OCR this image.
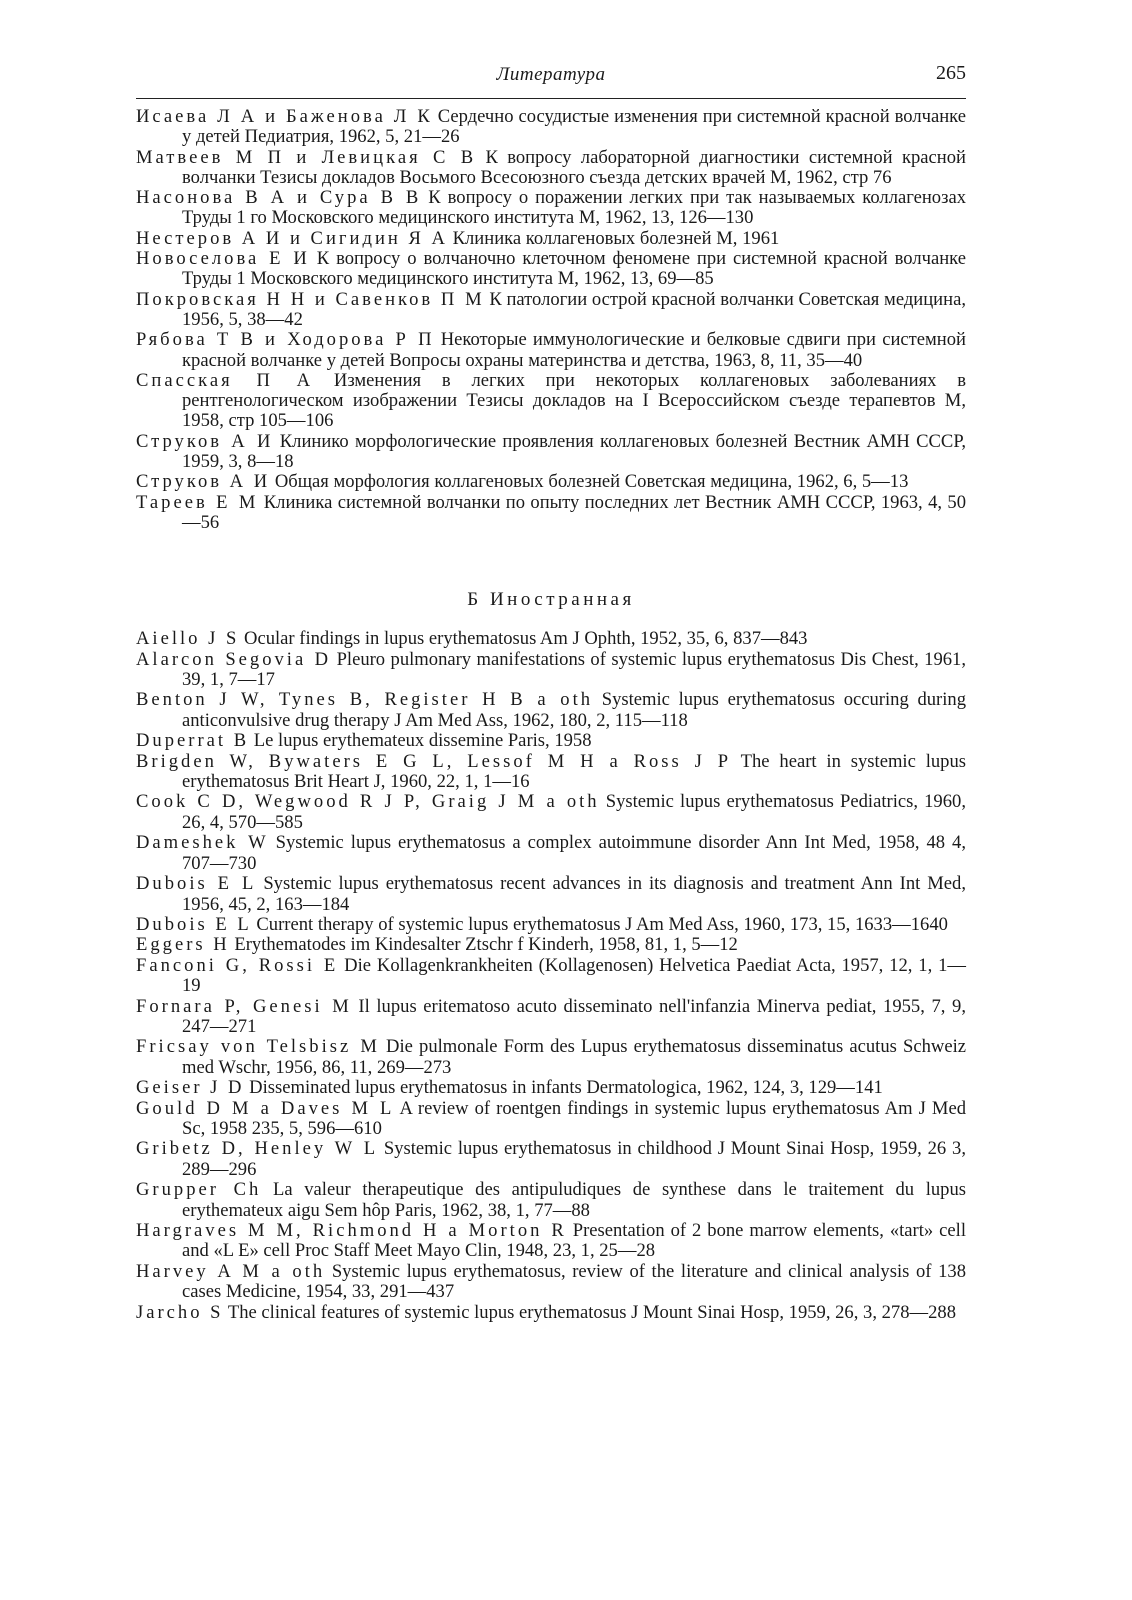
Литература	265

Исаева Л А и Баженова Л К Сердечно сосудистые изменения при системной красной волчанке у детей Педиатрия, 1962, 5, 21—26

Матвеев М П и Левицкая С В К вопросу лабораторной диагностики системной красной волчанки Тезисы докладов Восьмого Всесоюзного съезда детских врачей М, 1962, стр 76

Насонова В А и Сура В В К вопросу о поражении легких при так называемых коллагенозах Труды 1 го Московского медицинского института М, 1962, 13, 126—130

Нестеров А И и Сигидин Я А Клиника коллагеновых болезней М, 1961

Новоселова Е И К вопросу о волчаночно клеточном феномене при системной красной волчанке Труды 1 Московского медицинского института М, 1962, 13, 69—85

Покровская Н Н и Савенков П М К патологии острой красной волчанки Советская медицина, 1956, 5, 38—42

Рябова Т В и Ходорова Р П Некоторые иммунологические и белковые сдвиги при системной красной волчанке у детей Вопросы охраны материнства и детства, 1963, 8, 11, 35—40

Спасская П А Изменения в легких при некоторых коллагеновых заболеваниях в рентгенологическом изображении Тезисы докладов на I Всероссийском съезде терапевтов М, 1958, стр 105—106

Струков А И Клинико морфологические проявления коллагеновых болезней Вестник АМН СССР, 1959, 3, 8—18

Струков А И Общая морфология коллагеновых болезней Советская медицина, 1962, 6, 5—13

Тареев Е М Клиника системной волчанки по опыту последних лет Вестник АМН СССР, 1963, 4, 50—56

Б Иностранная

Aiello J S Ocular findings in lupus erythematosus Am J Ophth, 1952, 35, 6, 837—843

Alarcon Segovia D Pleuro pulmonary manifestations of systemic lupus erythematosus Dis Chest, 1961, 39, 1, 7—17

Benton J W, Tynes B, Register H B a oth Systemic lupus erythematosus occuring during anticonvulsive drug therapy J Am Med Ass, 1962, 180, 2, 115—118

Duperrat B Le lupus erythemateux dissemine Paris, 1958

Brigden W, Bywaters E G L, Lessof M H a Ross J P The heart in systemic lupus erythematosus Brit Heart J, 1960, 22, 1, 1—16

Cook C D, Wegwood R J P, Graig J M a oth Systemic lupus erythematosus Pediatrics, 1960, 26, 4, 570—585

Dameshek W Systemic lupus erythematosus a complex autoimmune disorder Ann Int Med, 1958, 48 4, 707—730

Dubois E L Systemic lupus erythematosus recent advances in its diagnosis and treatment Ann Int Med, 1956, 45, 2, 163—184

Dubois E L Current therapy of systemic lupus erythematosus J Am Med Ass, 1960, 173, 15, 1633—1640

Eggers H Erythematodes im Kindesalter Ztschr f Kinderh, 1958, 81, 1, 5—12

Fanconi G, Rossi E Die Kollagenkrankheiten (Kollagenosen) Helvetica Paediat Acta, 1957, 12, 1, 1—19

Fornara P, Genesi M Il lupus eritematoso acuto disseminato nell'infanzia Minerva pediat, 1955, 7, 9, 247—271

Fricsay von Telsbisz M Die pulmonale Form des Lupus erythematosus disseminatus acutus Schweiz med Wschr, 1956, 86, 11, 269—273

Geiser J D Disseminated lupus erythematosus in infants Dermatologica, 1962, 124, 3, 129—141

Gould D M a Daves M L A review of roentgen findings in systemic lupus erythematosus Am J Med Sc, 1958 235, 5, 596—610

Gribetz D, Henley W L Systemic lupus erythematosus in childhood J Mount Sinai Hosp, 1959, 26 3, 289—296

Grupper Ch La valeur therapeutique des antipuludiques de synthese dans le traitement du lupus erythemateux aigu Sem hôp Paris, 1962, 38, 1, 77—88

Hargraves M M, Richmond H a Morton R Presentation of 2 bone marrow elements, «tart» cell and «L E» cell Proc Staff Meet Mayo Clin, 1948, 23, 1, 25—28

Harvey A M a oth Systemic lupus erythematosus, review of the literature and clinical analysis of 138 cases Medicine, 1954, 33, 291—437

Jarcho S The clinical features of systemic lupus erythematosus J Mount Sinai Hosp, 1959, 26, 3, 278—288
